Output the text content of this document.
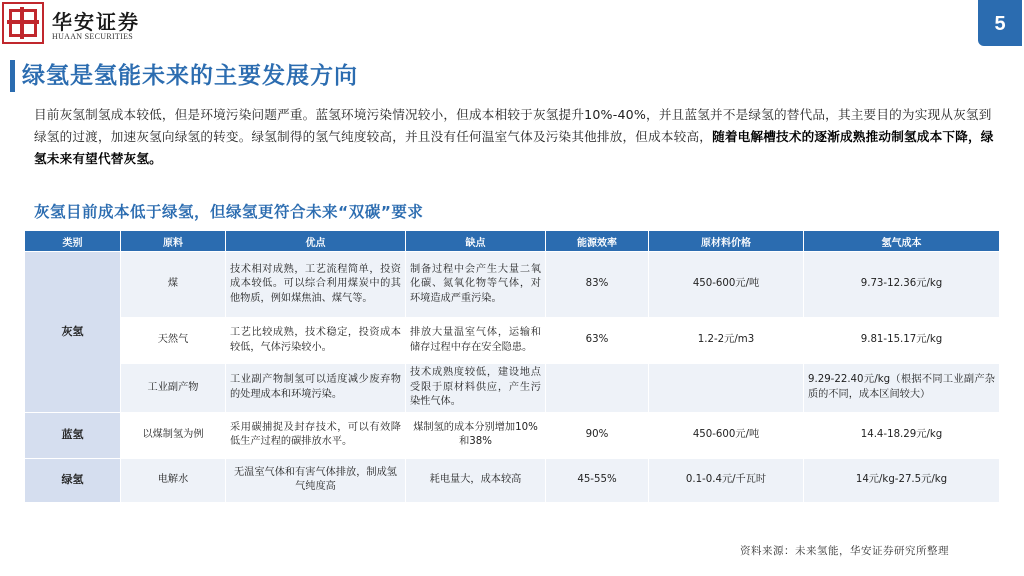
华安证券
HUAAN SECURITIES
5
绿氢是氢能未来的主要发展方向
目前灰氢制氢成本较低，但是环境污染问题严重。蓝氢环境污染情况较小，但成本相较于灰氢提升10%-40%，并且蓝氢并不是绿氢的替代品，其主要目的为实现从灰氢到绿氢的过渡，加速灰氢向绿氢的转变。绿氢制得的氢气纯度较高，并且没有任何温室气体及污染其他排放，但成本较高，随着电解槽技术的逐渐成熟推动制氢成本下降，绿氢未来有望代替灰氢。
灰氢目前成本低于绿氢，但绿氢更符合未来“双碳”要求
类别	原料	优点	缺点	能源效率	原材料价格	氢气成本
灰氢	煤	技术相对成熟，工艺流程简单，投资成本较低。可以综合利用煤炭中的其他物质，例如煤焦油、煤气等。	制备过程中会产生大量二氧化碳、氮氧化物等气体，对环境造成严重污染。	83%	450-600元/吨	9.73-12.36元/kg
	天然气	工艺比较成熟，技术稳定，投资成本较低，气体污染较小。	排放大量温室气体，运输和储存过程中存在安全隐患。	63%	1.2-2元/m3	9.81-15.17元/kg
	工业副产物	工业副产物制氢可以适度减少废弃物的处理成本和环境污染。	技术成熟度较低，建设地点受限于原材料供应，产生污染性气体。			9.29-22.40元/kg（根据不同工业副产杂质的不同，成本区间较大）
蓝氢	以煤制氢为例	采用碳捕捉及封存技术，可以有效降低生产过程的碳排放水平。	煤制氢的成本分别增加10%和38%	90%	450-600元/吨	14.4-18.29元/kg
绿氢	电解水	无温室气体和有害气体排放，制成氢气纯度高	耗电量大，成本较高	45-55%	0.1-0.4元/千瓦时	14元/kg-27.5元/kg
资料来源：未来氢能，华安证券研究所整理
